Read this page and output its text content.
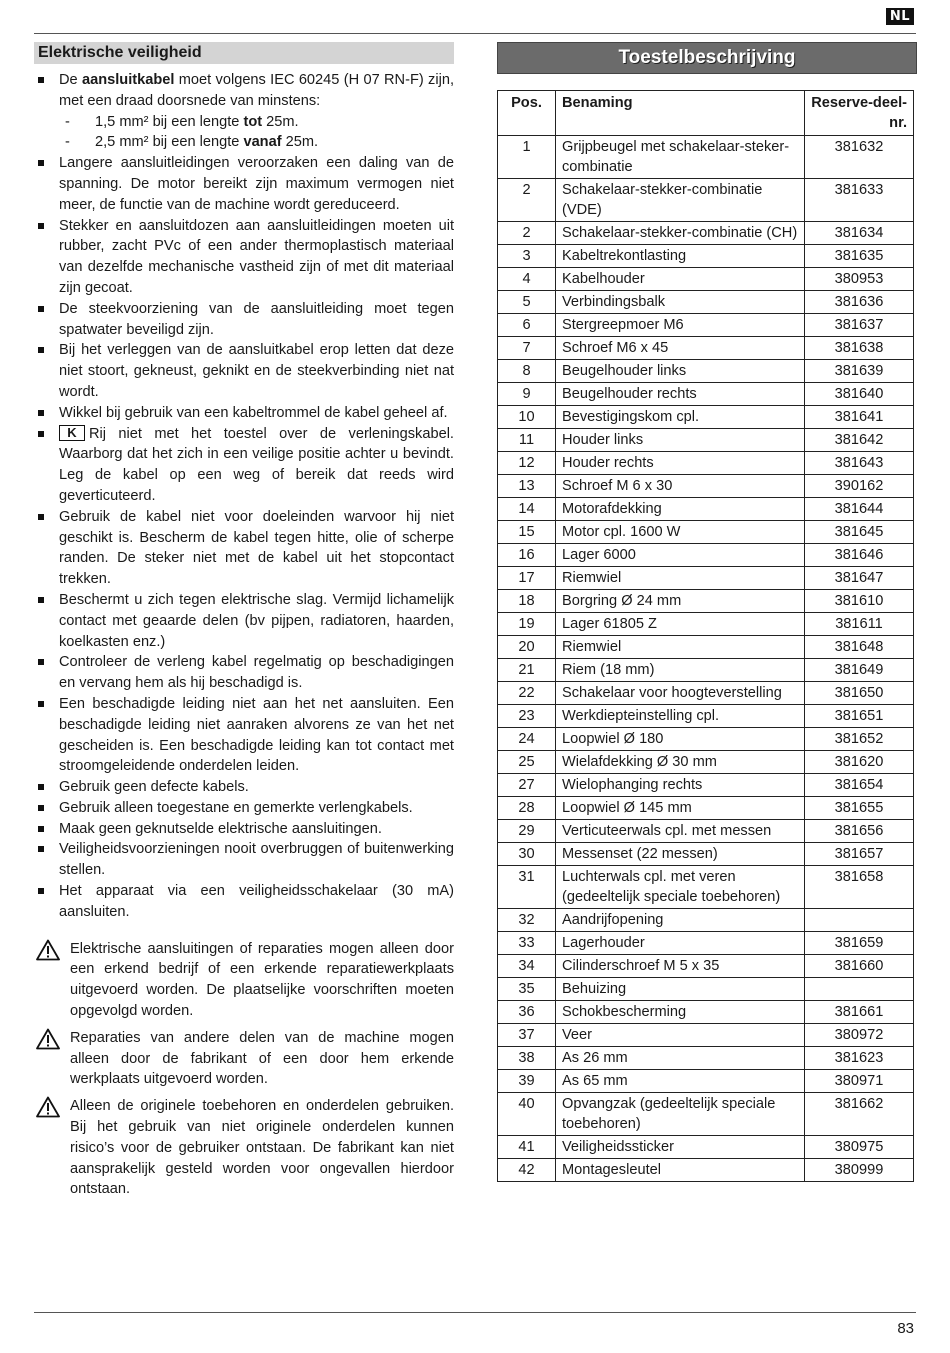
NL
Elektrische veiligheid
De aansluitkabel moet volgens IEC 60245 (H 07 RN-F) zijn, met een draad doorsnede van minstens:
- 1,5 mm² bij een lengte tot 25m.
- 2,5 mm² bij een lengte vanaf 25m.
Langere aansluitleidingen veroorzaken een daling van de spanning. De motor bereikt zijn maximum vermogen niet meer, de functie van de machine wordt gereduceerd.
Stekker en aansluitdozen aan aansluitleidingen moeten uit rubber, zacht PVc of een ander thermoplastisch materiaal van dezelfde mechanische vastheid zijn of met dit materiaal zijn gecoat.
De steekvoorziening van de aansluitleiding moet tegen spatwater beveiligd zijn.
Bij het verleggen van de aansluitkabel erop letten dat deze niet stoort, gekneust, geknikt en de steekverbinding niet nat wordt.
Wikkel bij gebruik van een kabeltrommel de kabel geheel af.
K Rij niet met het toestel over de verleningskabel. Waarborg dat het zich in een veilige positie achter u bevindt. Leg de kabel op een weg of bereik dat reeds wird geverticuteerd.
Gebruik de kabel niet voor doeleinden warvoor hij niet geschikt is. Bescherm de kabel tegen hitte, olie of scherpe randen. De steker niet met de kabel uit het stopcontact trekken.
Beschermt u zich tegen elektrische slag. Vermijd lichamelijk contact met geaarde delen (bv pijpen, radiatoren, haarden, koelkasten enz.)
Controleer de verleng kabel regelmatig op beschadigingen en vervang hem als hij beschadigd is.
Een beschadigde leiding niet aan het net aansluiten. Een beschadigde leiding niet aanraken alvorens ze van het net gescheiden is. Een beschadigde leiding kan tot contact met stroomgeleidende onderdelen leiden.
Gebruik geen defecte kabels.
Gebruik alleen toegestane en gemerkte verlengkabels.
Maak geen geknutselde elektrische aansluitingen.
Veiligheidsvoorzieningen nooit overbruggen of buitenwerking stellen.
Het apparaat via een veiligheidsschakelaar (30 mA) aansluiten.
Elektrische aansluitingen of reparaties mogen alleen door een erkend bedrijf of een erkende reparatiewerkplaats uitgevoerd worden. De plaatselijke voorschriften moeten opgevolgd worden.
Reparaties van andere delen van de machine mogen alleen door de fabrikant of een door hem erkende werkplaats uitgevoerd worden.
Alleen de originele toebehoren en onderdelen gebruiken. Bij het gebruik van niet originele onderdelen kunnen risico’s voor de gebruiker ontstaan. De fabrikant kan niet aansprakelijk gesteld worden voor ongevallen hierdoor ontstaan.
Toestelbeschrijving
Pos.	Benaming	Reserve-deel-nr.
1	Grijpbeugel met schakelaar-steker-combinatie	381632
2	Schakelaar-stekker-combinatie (VDE)	381633
2	Schakelaar-stekker-combinatie (CH)	381634
3	Kabeltrekontlasting	381635
4	Kabelhouder	380953
5	Verbindingsbalk	381636
6	Stergreepmoer M6	381637
7	Schroef M6 x 45	381638
8	Beugelhouder links	381639
9	Beugelhouder rechts	381640
10	Bevestigingskom cpl.	381641
11	Houder links	381642
12	Houder rechts	381643
13	Schroef M 6 x 30	390162
14	Motorafdekking	381644
15	Motor cpl. 1600 W	381645
16	Lager 6000	381646
17	Riemwiel	381647
18	Borgring Ø 24 mm	381610
19	Lager 61805 Z	381611
20	Riemwiel	381648
21	Riem (18 mm)	381649
22	Schakelaar voor hoogteverstelling	381650
23	Werkdiepteinstelling cpl.	381651
24	Loopwiel Ø 180	381652
25	Wielafdekking Ø 30 mm	381620
27	Wielophanging rechts	381654
28	Loopwiel Ø 145 mm	381655
29	Verticuteerwals cpl. met messen	381656
30	Messenset (22 messen)	381657
31	Luchterwals cpl. met veren (gedeeltelijk speciale toebehoren)	381658
32	Aandrijfopening	
33	Lagerhouder	381659
34	Cilinderschroef M 5 x 35	381660
35	Behuizing	
36	Schokbescherming	381661
37	Veer	380972
38	As 26 mm	381623
39	As 65 mm	380971
40	Opvangzak (gedeeltelijk speciale toebehoren)	381662
41	Veiligheidssticker	380975
42	Montagesleutel	380999
83
